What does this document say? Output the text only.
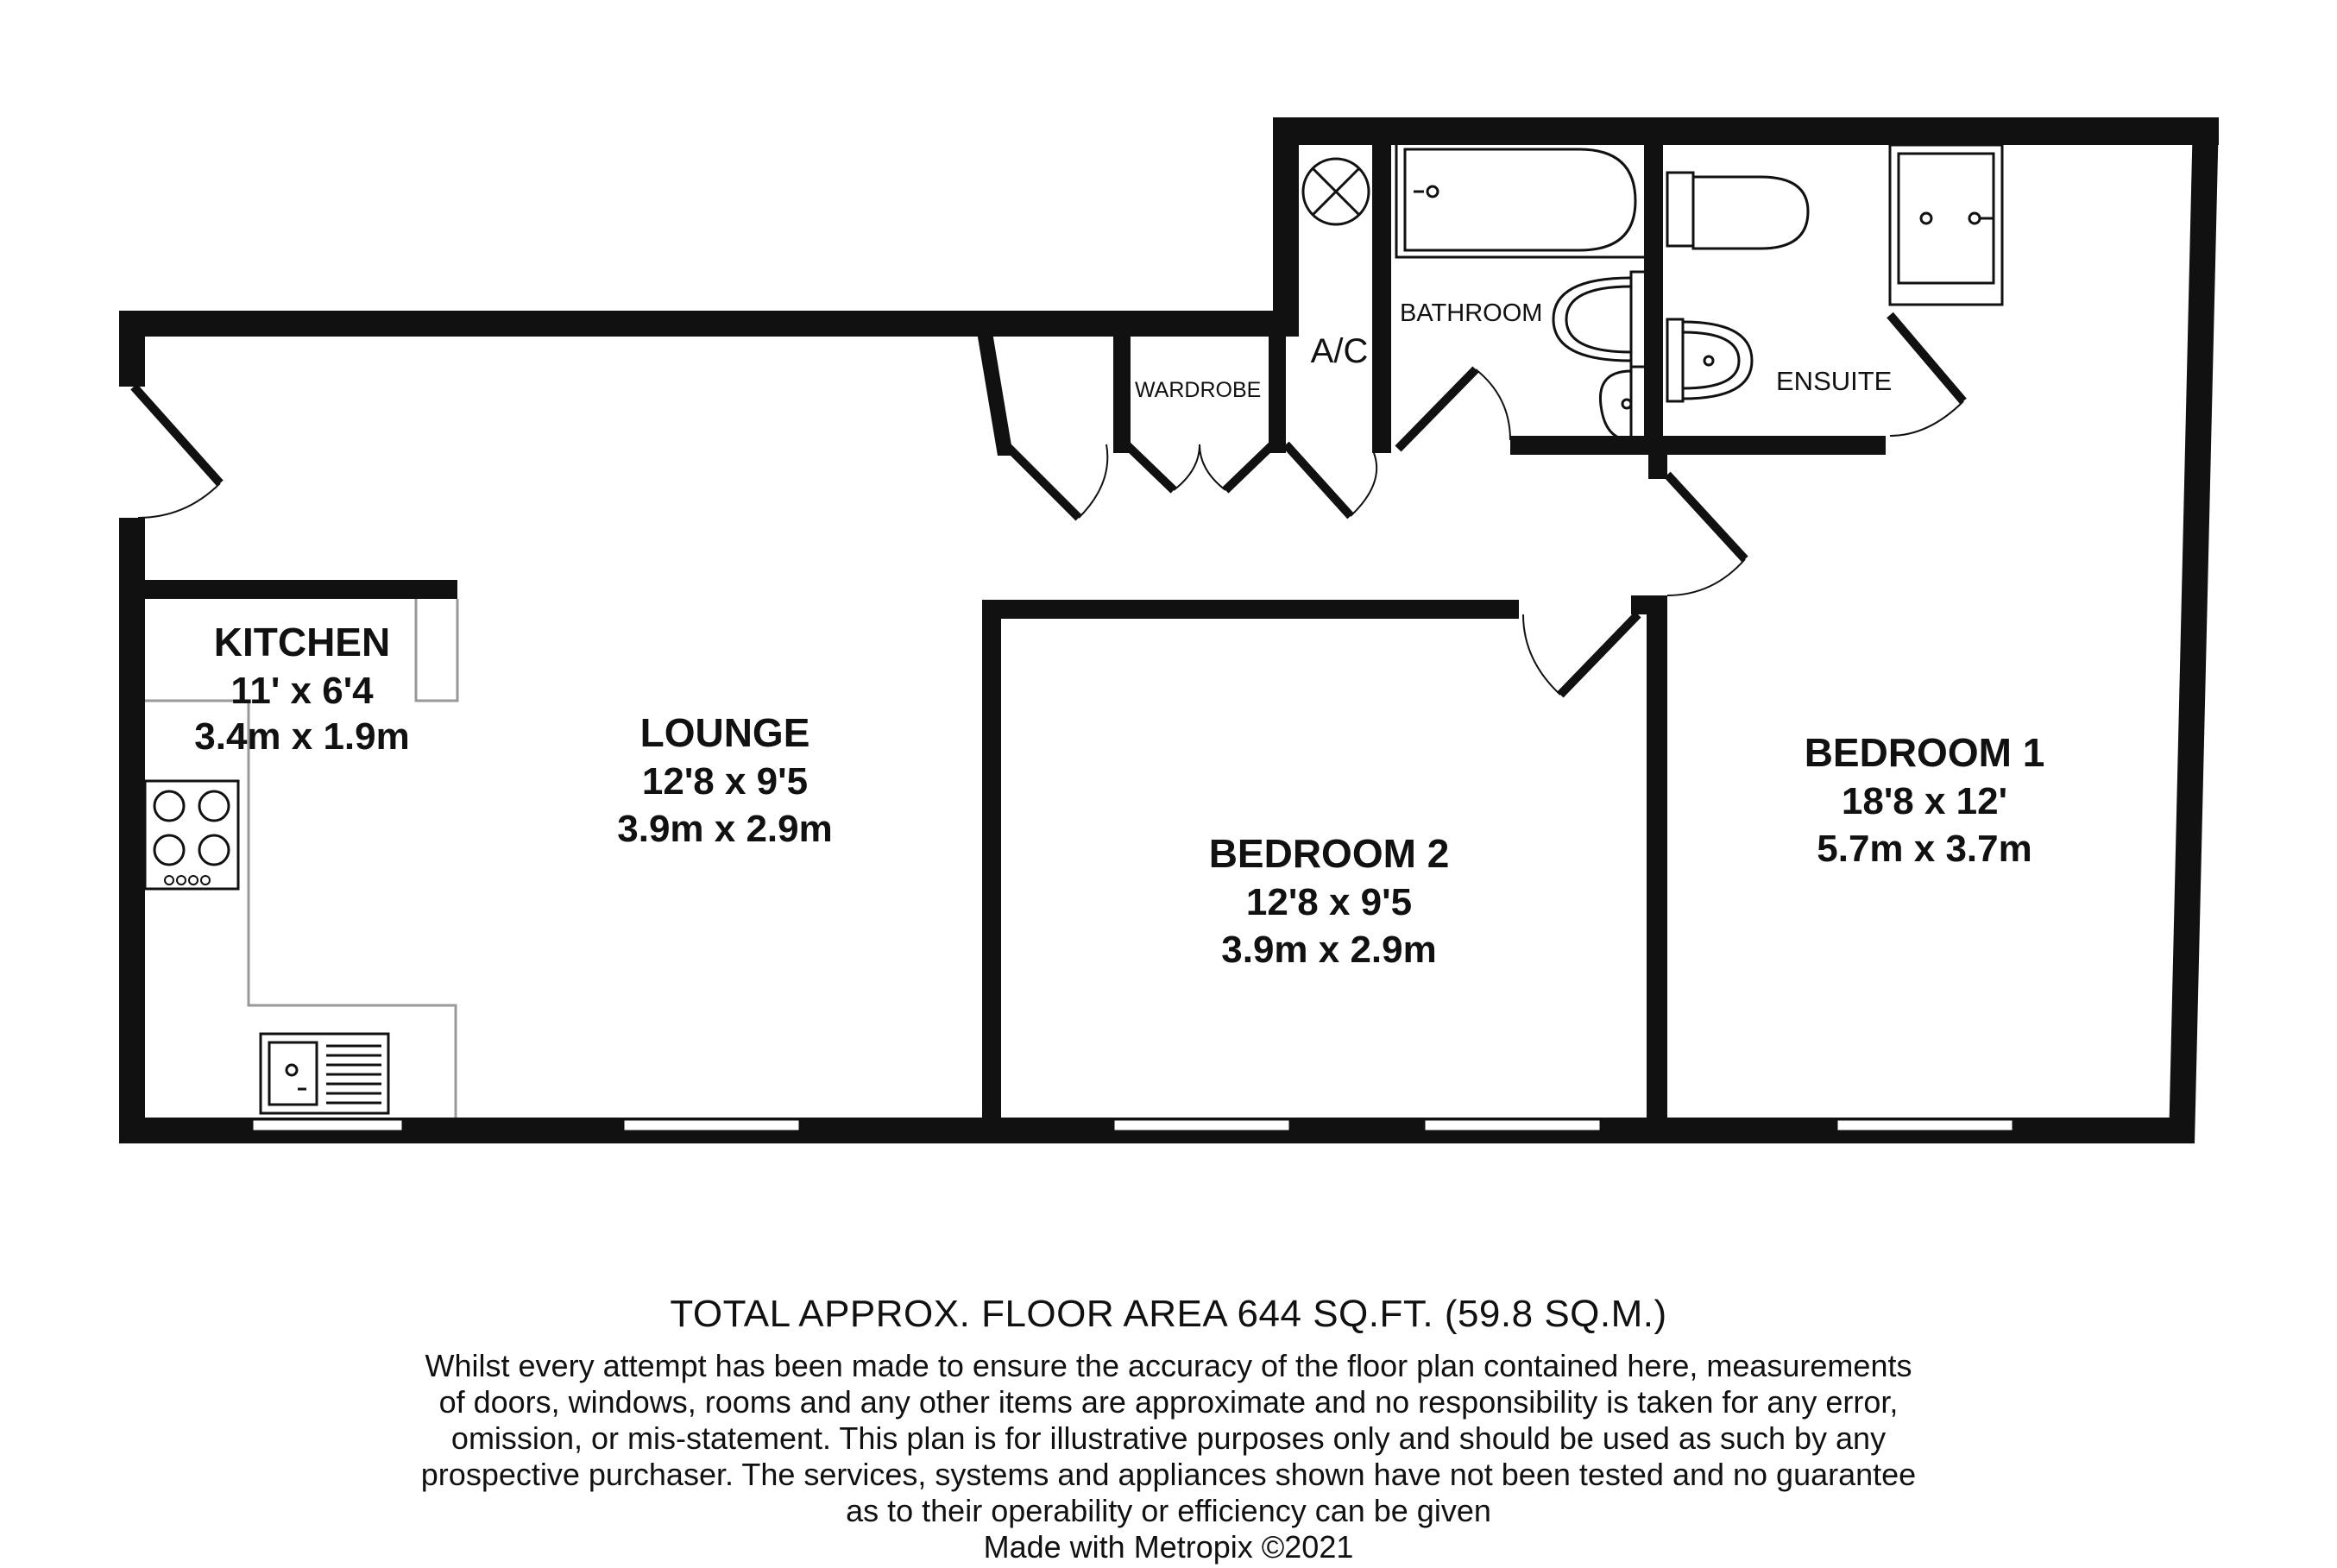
KITCHEN
11' x 6'4
3.4m x 1.9m	LOUNGE
12'8 x 9'5
3.9m x 2.9m
BEDROOM 2
12'8 x 9'5
3.9m x 2.9m
BEDROOM 1
18'8 x 12'
5.7m x 3.7m
WARDROBE
A/C
BATHROOM
ENSUITE
TOTAL APPROX. FLOOR AREA 644 SQ.FT. (59.8 SQ.M.)
Whilst every attempt has been made to ensure the accuracy of the floor plan contained here, measurements
of doors, windows, rooms and any other items are approximate and no responsibility is taken for any error,
omission, or mis-statement. This plan is for illustrative purposes only and should be used as such by any
prospective purchaser. The services, systems and appliances shown have not been tested and no guarantee
as to their operability or efficiency can be given
Made with Metropix ©2021
